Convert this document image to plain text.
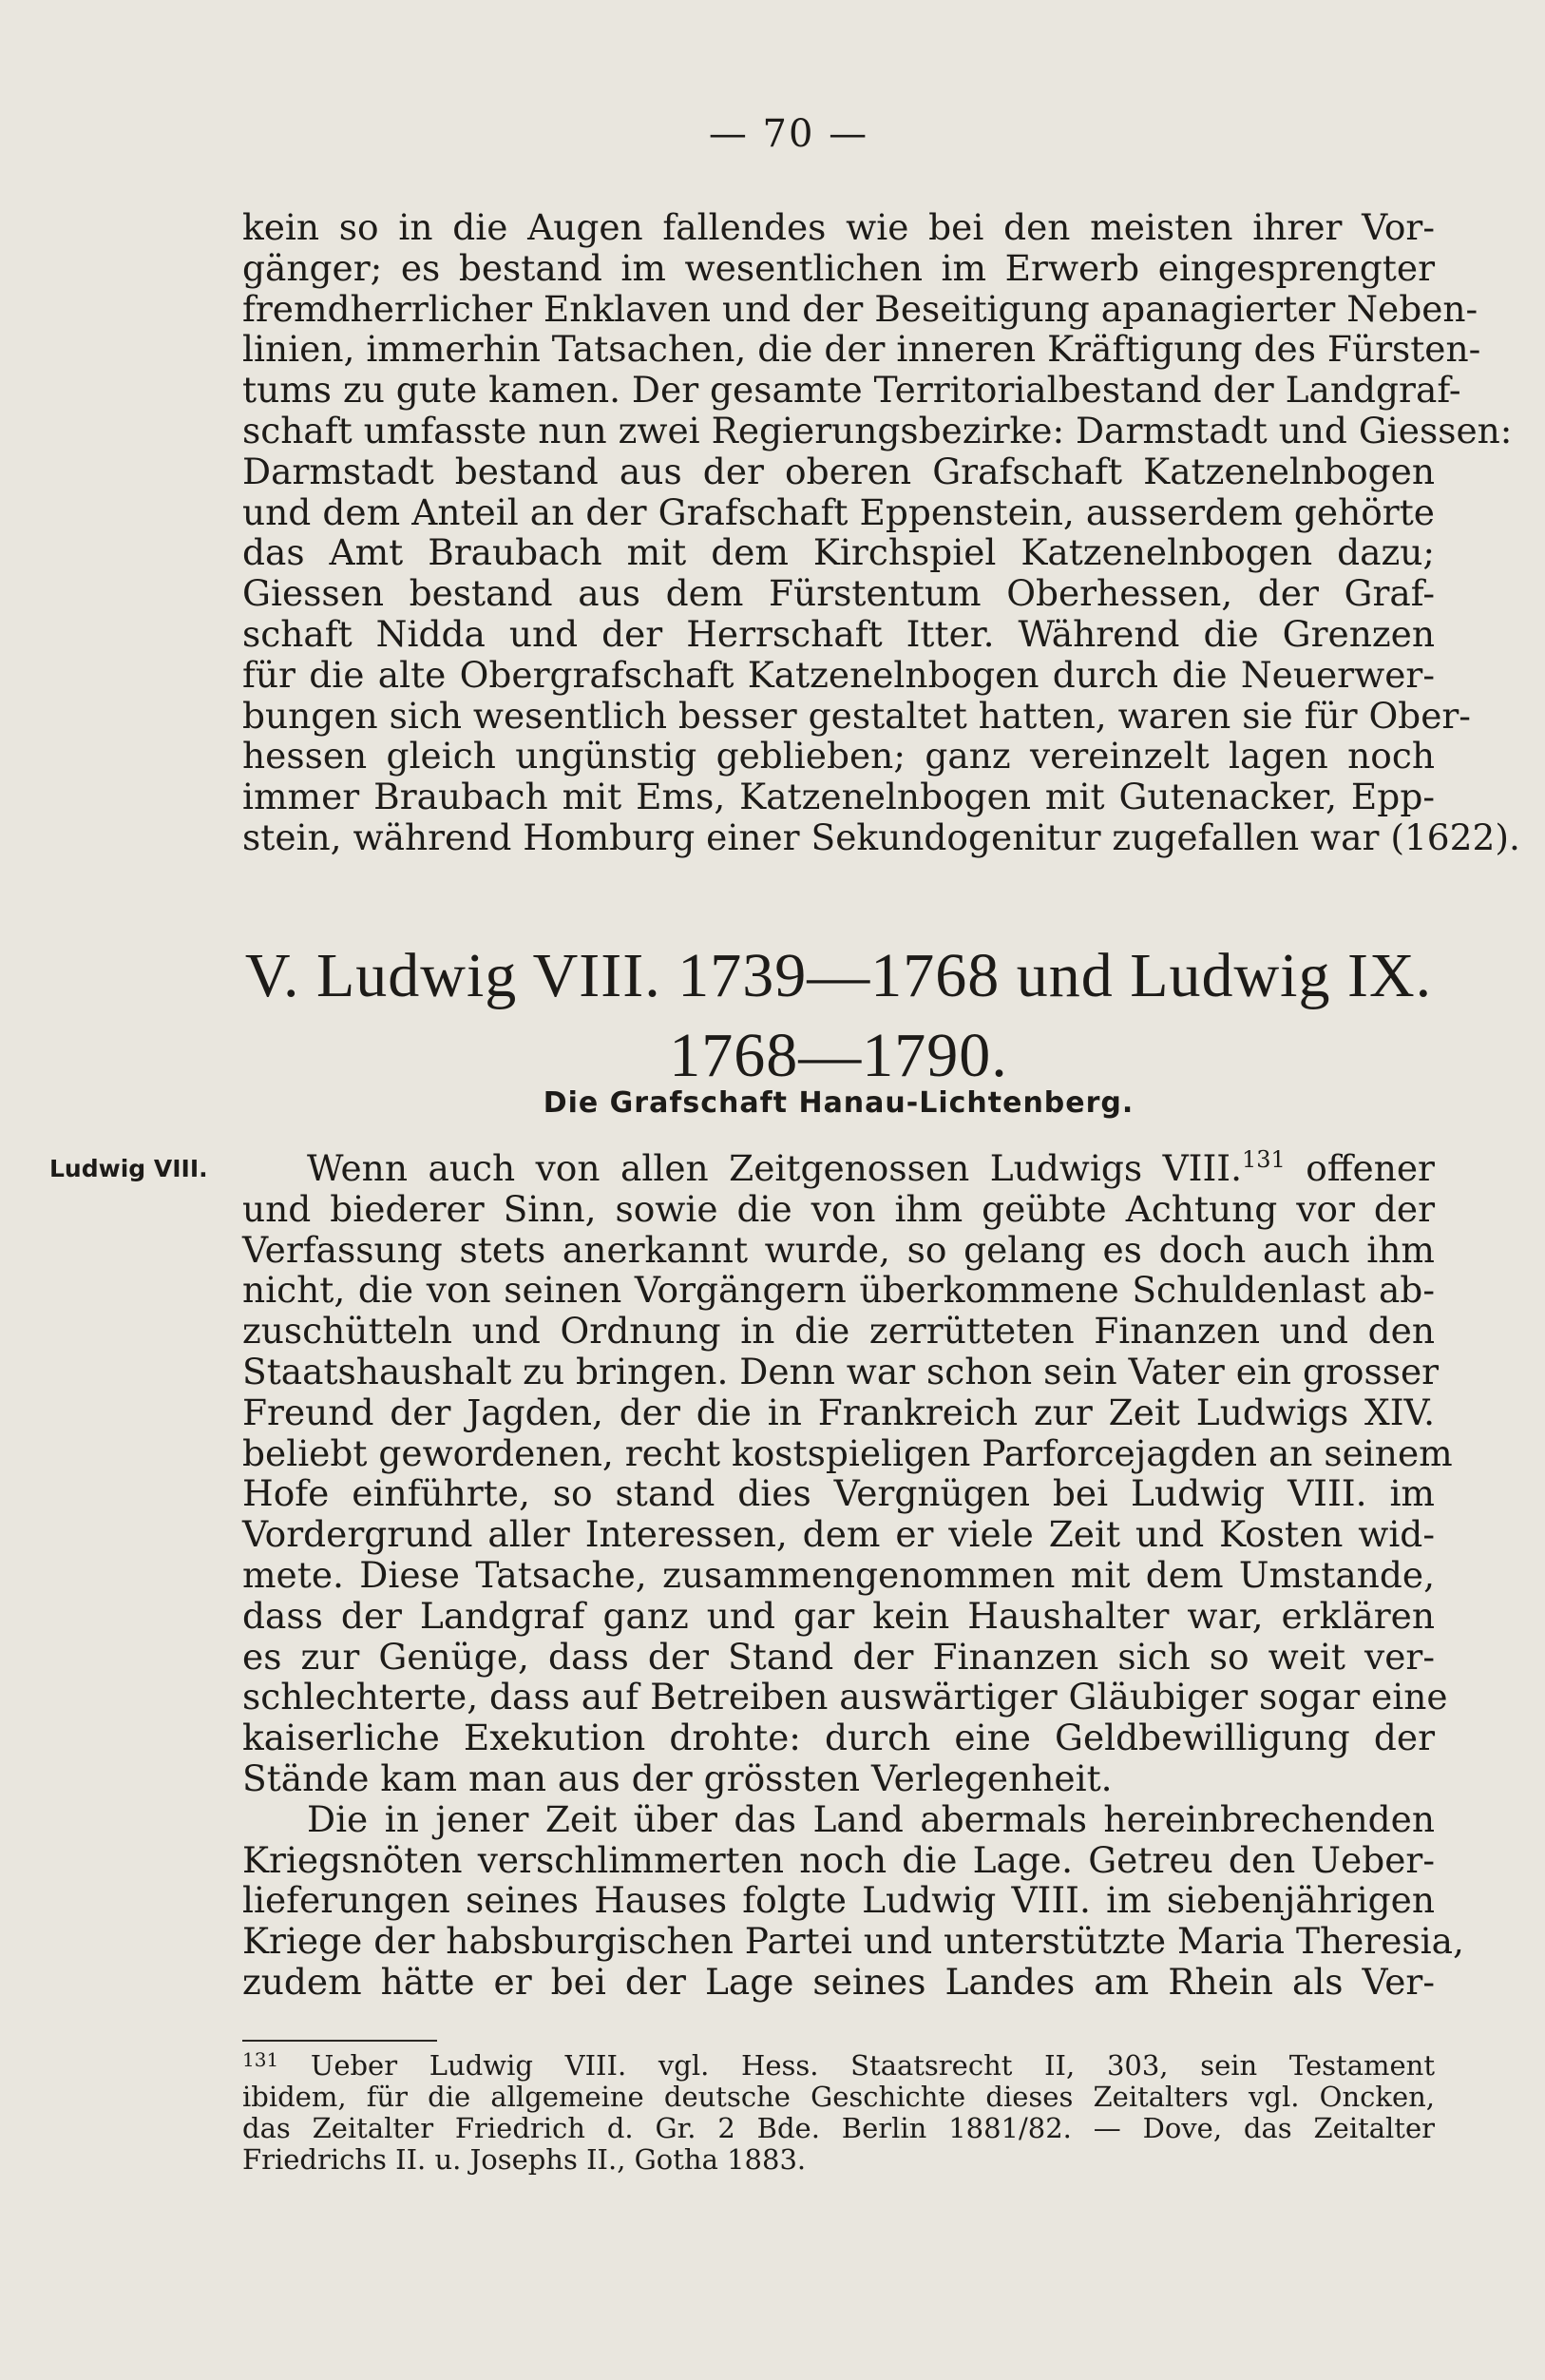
— 70 —
kein so in die Augen fallendes wie bei den meisten ihrer Vor-
gänger; es bestand im wesentlichen im Erwerb eingesprengter
fremdherrlicher Enklaven und der Beseitigung apanagierter Neben-
linien, immerhin Tatsachen, die der inneren Kräftigung des Fürsten-
tums zu gute kamen. Der gesamte Territorialbestand der Landgraf-
schaft umfasste nun zwei Regierungsbezirke: Darmstadt und Giessen:
Darmstadt bestand aus der oberen Grafschaft Katzenelnbogen
und dem Anteil an der Grafschaft Eppenstein, ausserdem gehörte
das Amt Braubach mit dem Kirchspiel Katzenelnbogen dazu;
Giessen bestand aus dem Fürstentum Oberhessen, der Graf-
schaft Nidda und der Herrschaft Itter. Während die Grenzen
für die alte Obergrafschaft Katzenelnbogen durch die Neuerwer-
bungen sich wesentlich besser gestaltet hatten, waren sie für Ober-
hessen gleich ungünstig geblieben; ganz vereinzelt lagen noch
immer Braubach mit Ems, Katzenelnbogen mit Gutenacker, Epp-
stein, während Homburg einer Sekundogenitur zugefallen war (1622).
V. Ludwig VIII. 1739—1768 und Ludwig IX.
1768—1790.
Die Grafschaft Hanau-Lichtenberg.
Ludwig VIII.	Wenn auch von allen Zeitgenossen Ludwigs VIII.$^{131}$ offener
und biederer Sinn, sowie die von ihm geübte Achtung vor der
Verfassung stets anerkannt wurde, so gelang es doch auch ihm
nicht, die von seinen Vorgängern überkommene Schuldenlast ab-
zuschütteln und Ordnung in die zerrütteten Finanzen und den
Staatshaushalt zu bringen. Denn war schon sein Vater ein grosser
Freund der Jagden, der die in Frankreich zur Zeit Ludwigs XIV.
beliebt gewordenen, recht kostspieligen Parforcejagden an seinem
Hofe einführte, so stand dies Vergnügen bei Ludwig VIII. im
Vordergrund aller Interessen, dem er viele Zeit und Kosten wid-
mete. Diese Tatsache, zusammengenommen mit dem Umstande,
dass der Landgraf ganz und gar kein Haushalter war, erklären
es zur Genüge, dass der Stand der Finanzen sich so weit ver-
schlechterte, dass auf Betreiben auswärtiger Gläubiger sogar eine
kaiserliche Exekution drohte: durch eine Geldbewilligung der
Stände kam man aus der grössten Verlegenheit.
Die in jener Zeit über das Land abermals hereinbrechenden
Kriegsnöten verschlimmerten noch die Lage. Getreu den Ueber-
lieferungen seines Hauses folgte Ludwig VIII. im siebenjährigen
Kriege der habsburgischen Partei und unterstützte Maria Theresia,
zudem hätte er bei der Lage seines Landes am Rhein als Ver-
$^{131}$ Ueber Ludwig VIII. vgl. Hess. Staatsrecht II, 303, sein Testament
ibidem, für die allgemeine deutsche Geschichte dieses Zeitalters vgl. Oncken,
das Zeitalter Friedrich d. Gr. 2 Bde. Berlin 1881/82. — Dove, das Zeitalter
Friedrichs II. u. Josephs II., Gotha 1883.
